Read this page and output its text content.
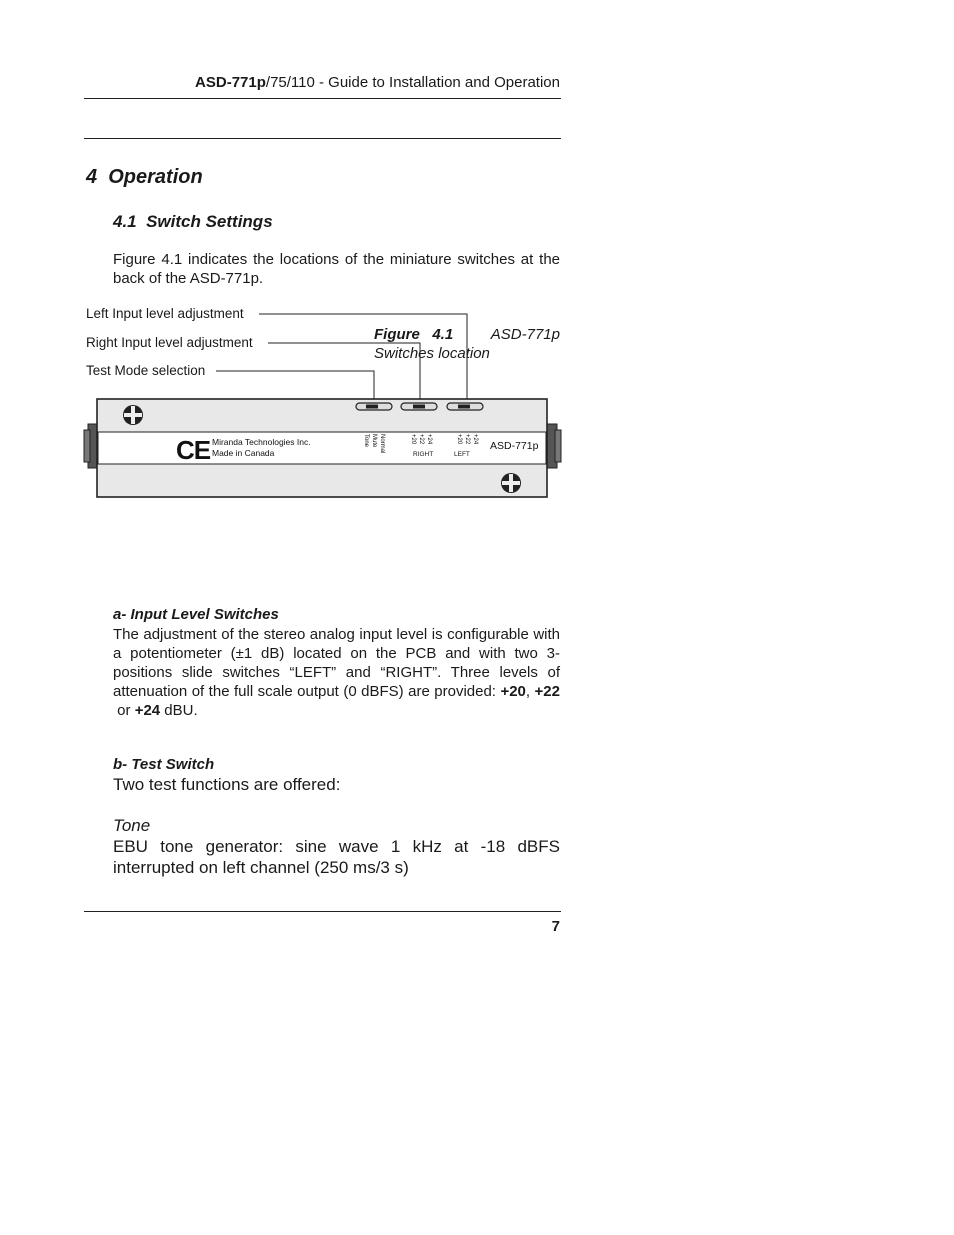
ASD-771p/75/110 - Guide to Installation and Operation
4  Operation
4.1  Switch Settings
Figure 4.1 indicates the locations of the miniature switches at the back of the ASD-771p.
Left Input level adjustment
Right Input level adjustment
Test Mode selection
Figure   4.1	ASD-771p
Switches location
CE Miranda Technologies Inc.
Made in Canada	Normal
Mute
Tone	+24
+22
+20
RIGHT
+24
+22
+20
LEFT
ASD-771p
a- Input Level Switches
The adjustment of the stereo analog input level is configurable with a potentiometer (±1 dB) located on the PCB and with two 3-positions slide switches “LEFT” and “RIGHT”. Three levels of attenuation of the full scale output (0 dBFS) are provided: +20, +22 or +24 dBU.
b- Test Switch
Two test functions are offered:
Tone
EBU tone generator: sine wave 1 kHz at -18 dBFS interrupted on left channel (250 ms/3 s)
7
